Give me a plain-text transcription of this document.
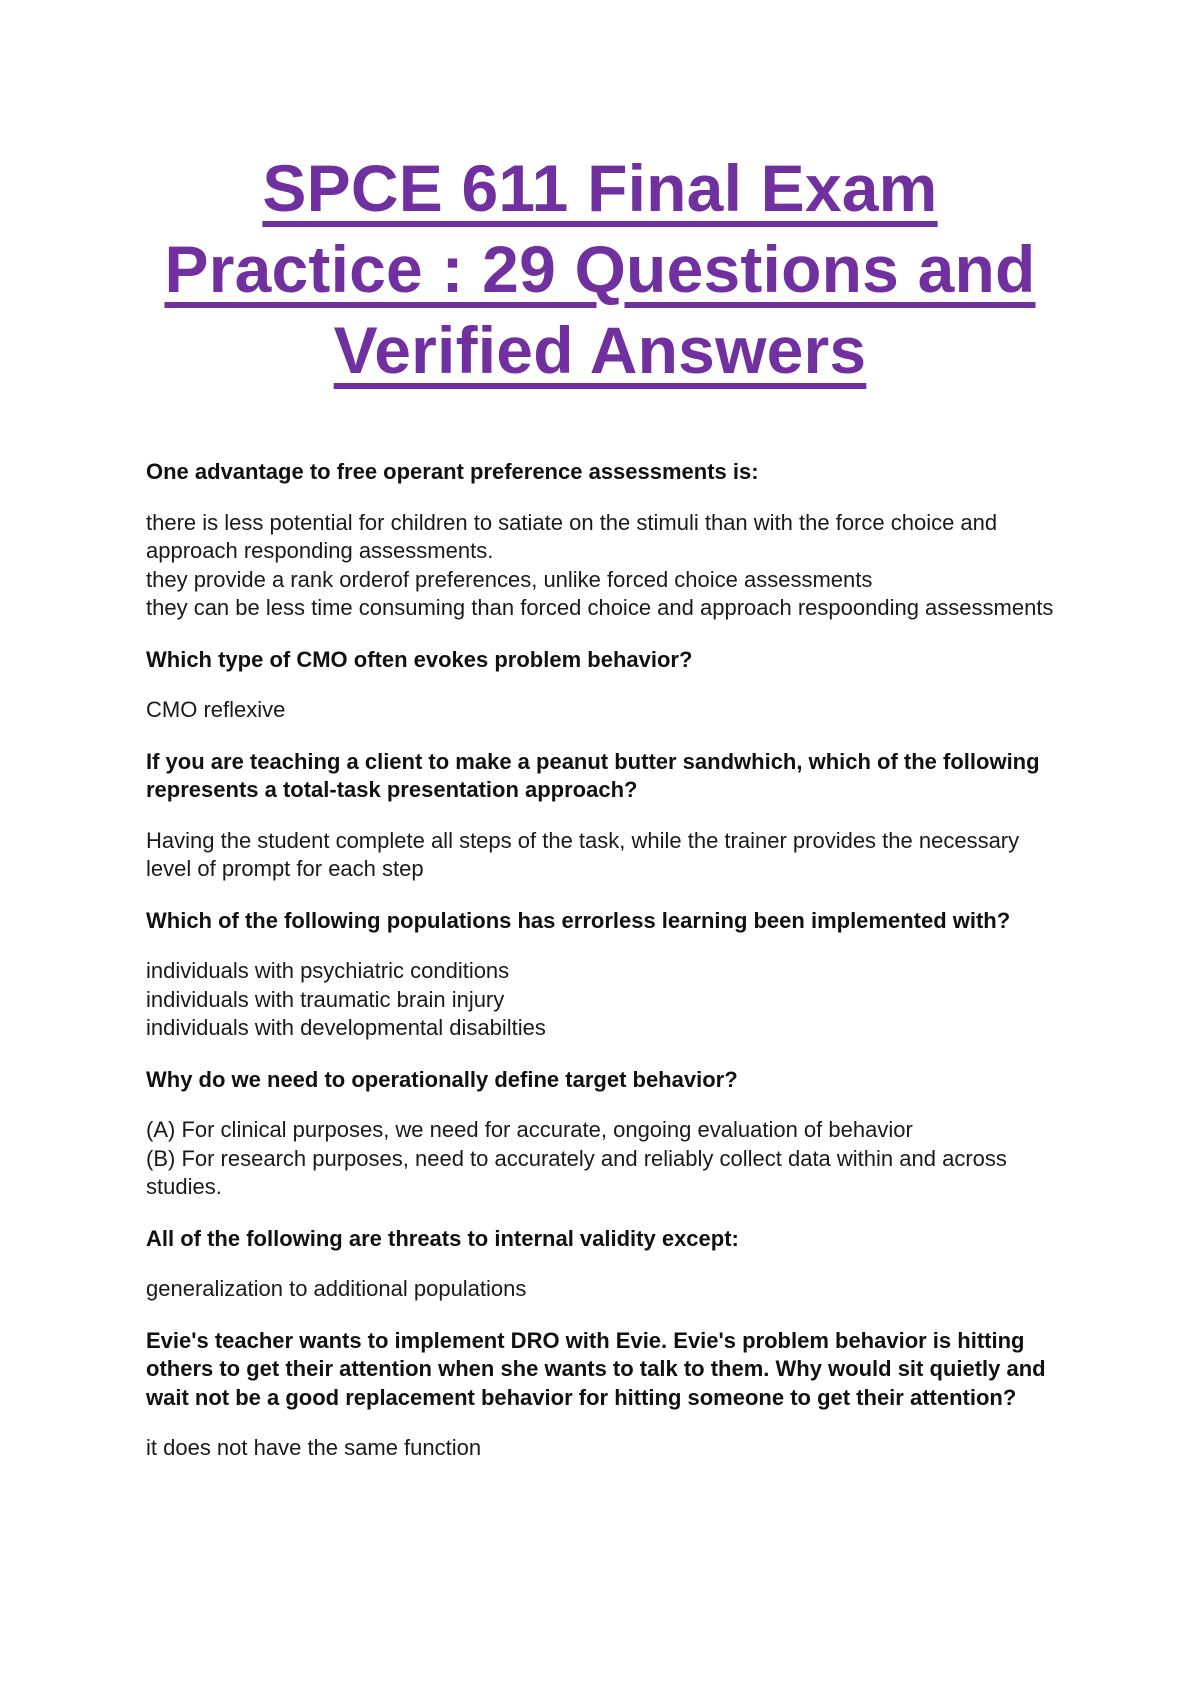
SPCE 611 Final Exam
Practice : 29 Questions and
Verified Answers

One advantage to free operant preference assessments is:

there is less potential for children to satiate on the stimuli than with the force choice and approach responding assessments.
they provide a rank orderof preferences, unlike forced choice assessments
they can be less time consuming than forced choice and approach respoonding assessments

Which type of CMO often evokes problem behavior?

CMO reflexive

If you are teaching a client to make a peanut butter sandwhich, which of the following represents a total-task presentation approach?

Having the student complete all steps of the task, while the trainer provides the necessary level of prompt for each step

Which of the following populations has errorless learning been implemented with?

individuals with psychiatric conditions
individuals with traumatic brain injury
individuals with developmental disabilties

Why do we need to operationally define target behavior?

(A) For clinical purposes, we need for accurate, ongoing evaluation of behavior
(B) For research purposes, need to accurately and reliably collect data within and across studies.

All of the following are threats to internal validity except:

generalization to additional populations

Evie's teacher wants to implement DRO with Evie. Evie's problem behavior is hitting others to get their attention when she wants to talk to them. Why would sit quietly and wait not be a good replacement behavior for hitting someone to get their attention?

it does not have the same function
